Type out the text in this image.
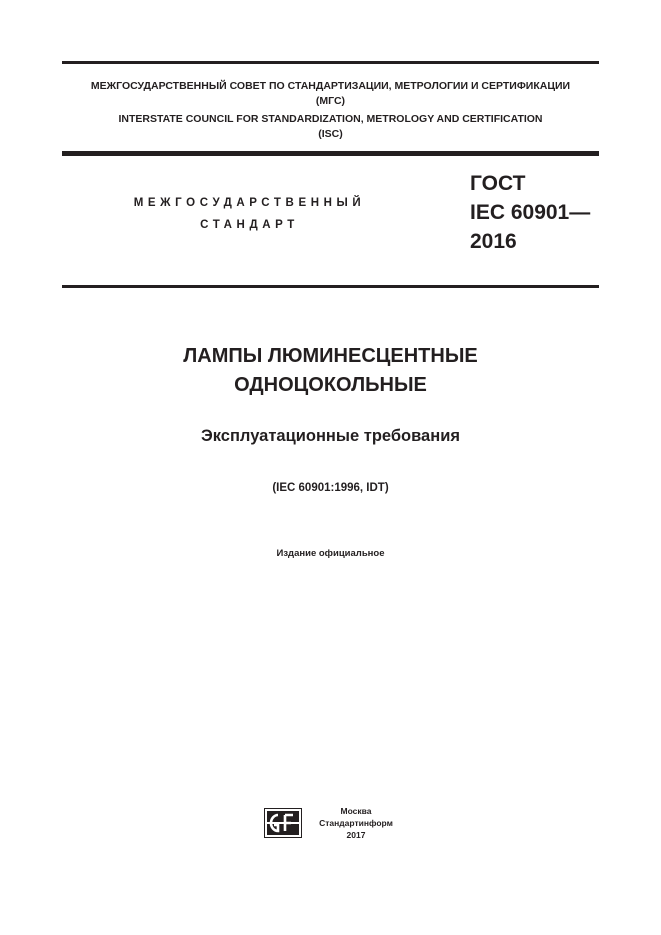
МЕЖГОСУДАРСТВЕННЫЙ СОВЕТ ПО СТАНДАРТИЗАЦИИ, МЕТРОЛОГИИ И СЕРТИФИКАЦИИ
(МГС)
INTERSTATE COUNCIL FOR STANDARDIZATION, METROLOGY AND CERTIFICATION
(ISC)
МЕЖГОСУДАРСТВЕННЫЙ
СТАНДАРТ
ГОСТ
IEC 60901—
2016
ЛАМПЫ ЛЮМИНЕСЦЕНТНЫЕ
ОДНОЦОКОЛЬНЫЕ
Эксплуатационные требования
(IEC 60901:1996, IDT)
Издание официальное
Москва
Стандартинформ
2017
